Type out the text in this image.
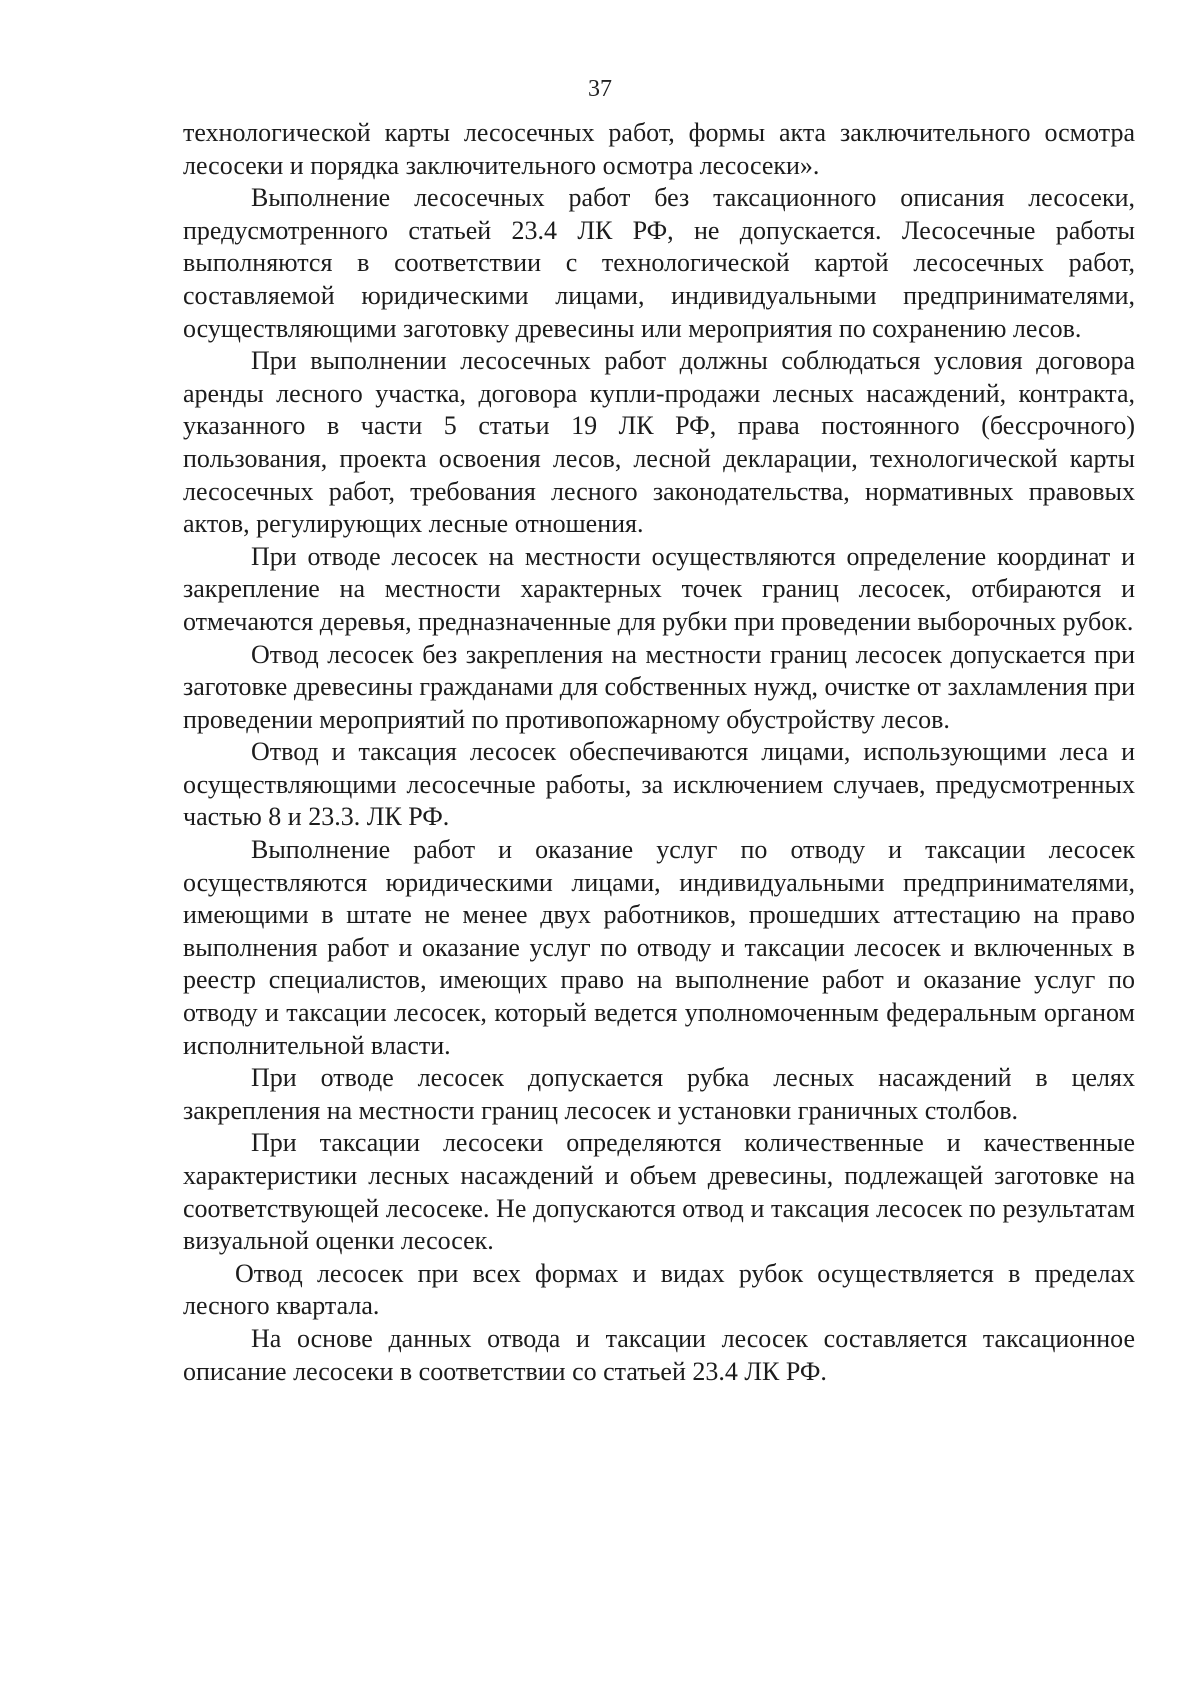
37

технологической карты лесосечных работ, формы акта заключительного осмотра лесосеки и порядка заключительного осмотра лесосеки».

Выполнение лесосечных работ без таксационного описания лесосеки, предусмотренного статьей 23.4 ЛК РФ, не допускается. Лесосечные работы выполняются в соответствии с технологической картой лесосечных работ, составляемой юридическими лицами, индивидуальными предпринимателями, осуществляющими заготовку древесины или мероприятия по сохранению лесов.

При выполнении лесосечных работ должны соблюдаться условия договора аренды лесного участка, договора купли-продажи лесных насаждений, контракта, указанного в части 5 статьи 19 ЛК РФ, права постоянного (бессрочного) пользования, проекта освоения лесов, лесной декларации, технологической карты лесосечных работ, требования лесного законодательства, нормативных правовых актов, регулирующих лесные отношения.

При отводе лесосек на местности осуществляются определение координат и закрепление на местности характерных точек границ лесосек, отбираются и отмечаются деревья, предназначенные для рубки при проведении выборочных рубок.

Отвод лесосек без закрепления на местности границ лесосек допускается при заготовке древесины гражданами для собственных нужд, очистке от захламления при проведении мероприятий по противопожарному обустройству лесов.

Отвод и таксация лесосек обеспечиваются лицами, использующими леса и осуществляющими лесосечные работы, за исключением случаев, предусмотренных частью 8 и 23.3. ЛК РФ.

Выполнение работ и оказание услуг по отводу и таксации лесосек осуществляются юридическими лицами, индивидуальными предпринимателями, имеющими в штате не менее двух работников, прошедших аттестацию на право выполнения работ и оказание услуг по отводу и таксации лесосек и включенных в реестр специалистов, имеющих право на выполнение работ и оказание услуг по отводу и таксации лесосек, который ведется уполномоченным федеральным органом исполнительной власти.

При отводе лесосек допускается рубка лесных насаждений в целях закрепления на местности границ лесосек и установки граничных столбов.

При таксации лесосеки определяются количественные и качественные характеристики лесных насаждений и объем древесины, подлежащей заготовке на соответствующей лесосеке. Не допускаются отвод и таксация лесосек по результатам визуальной оценки лесосек.

Отвод лесосек при всех формах и видах рубок осуществляется в пределах лесного квартала.

На основе данных отвода и таксации лесосек составляется таксационное описание лесосеки в соответствии со статьей 23.4 ЛК РФ.
